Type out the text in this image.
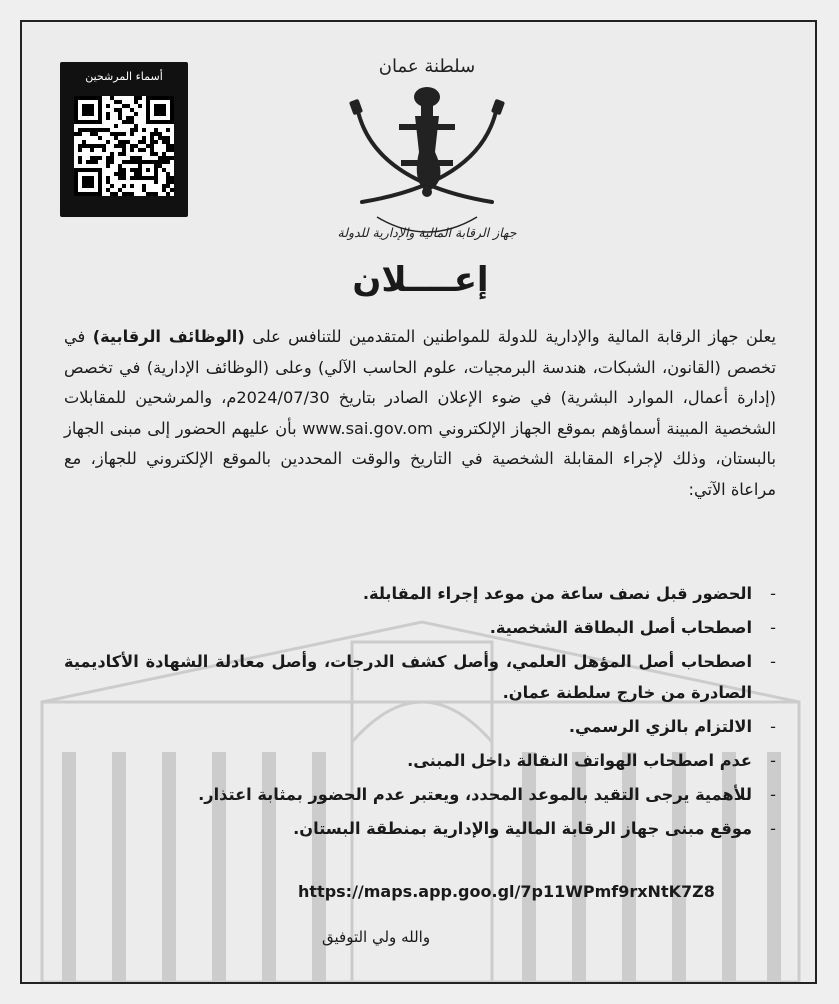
أسماء المرشحين	سلطنة عمان
جهاز الرقابة المالية والإدارية للدولة
إعــــلان
يعلن جهاز الرقابة المالية والإدارية للدولة للمواطنين المتقدمين للتنافس على (الوظائف الرقابية) في تخصص (القانون، الشبكات، هندسة البرمجيات، علوم الحاسب الآلي) وعلى (الوظائف الإدارية) في تخصص (إدارة أعمال، الموارد البشرية) في ضوء الإعلان الصادر بتاريخ 2024/07/30م، والمرشحين للمقابلات الشخصية المبينة أسماؤهم بموقع الجهاز الإلكتروني www.sai.gov.om بأن عليهم الحضور إلى مبنى الجهاز بالبستان، وذلك لإجراء المقابلة الشخصية في التاريخ والوقت المحددين بالموقع الإلكتروني للجهاز، مع مراعاة الآتي:
-
الحضور قبل نصف ساعة من موعد إجراء المقابلة.
-
اصطحاب أصل البطاقة الشخصية.
-
اصطحاب أصل المؤهل العلمي، وأصل كشف الدرجات، وأصل معادلة الشهادة الأكاديمية الصادرة من خارج سلطنة عمان.
-
الالتزام بالزي الرسمي.
-
عدم اصطحاب الهواتف النقالة داخل المبنى.
-
للأهمية يرجى التقيد بالموعد المحدد، ويعتبر عدم الحضور بمثابة اعتذار.
-
موقع مبنى جهاز الرقابة المالية والإدارية بمنطقة البستان.
https://maps.app.goo.gl/7p11WPmf9rxNtK7Z8
والله ولي التوفيق
